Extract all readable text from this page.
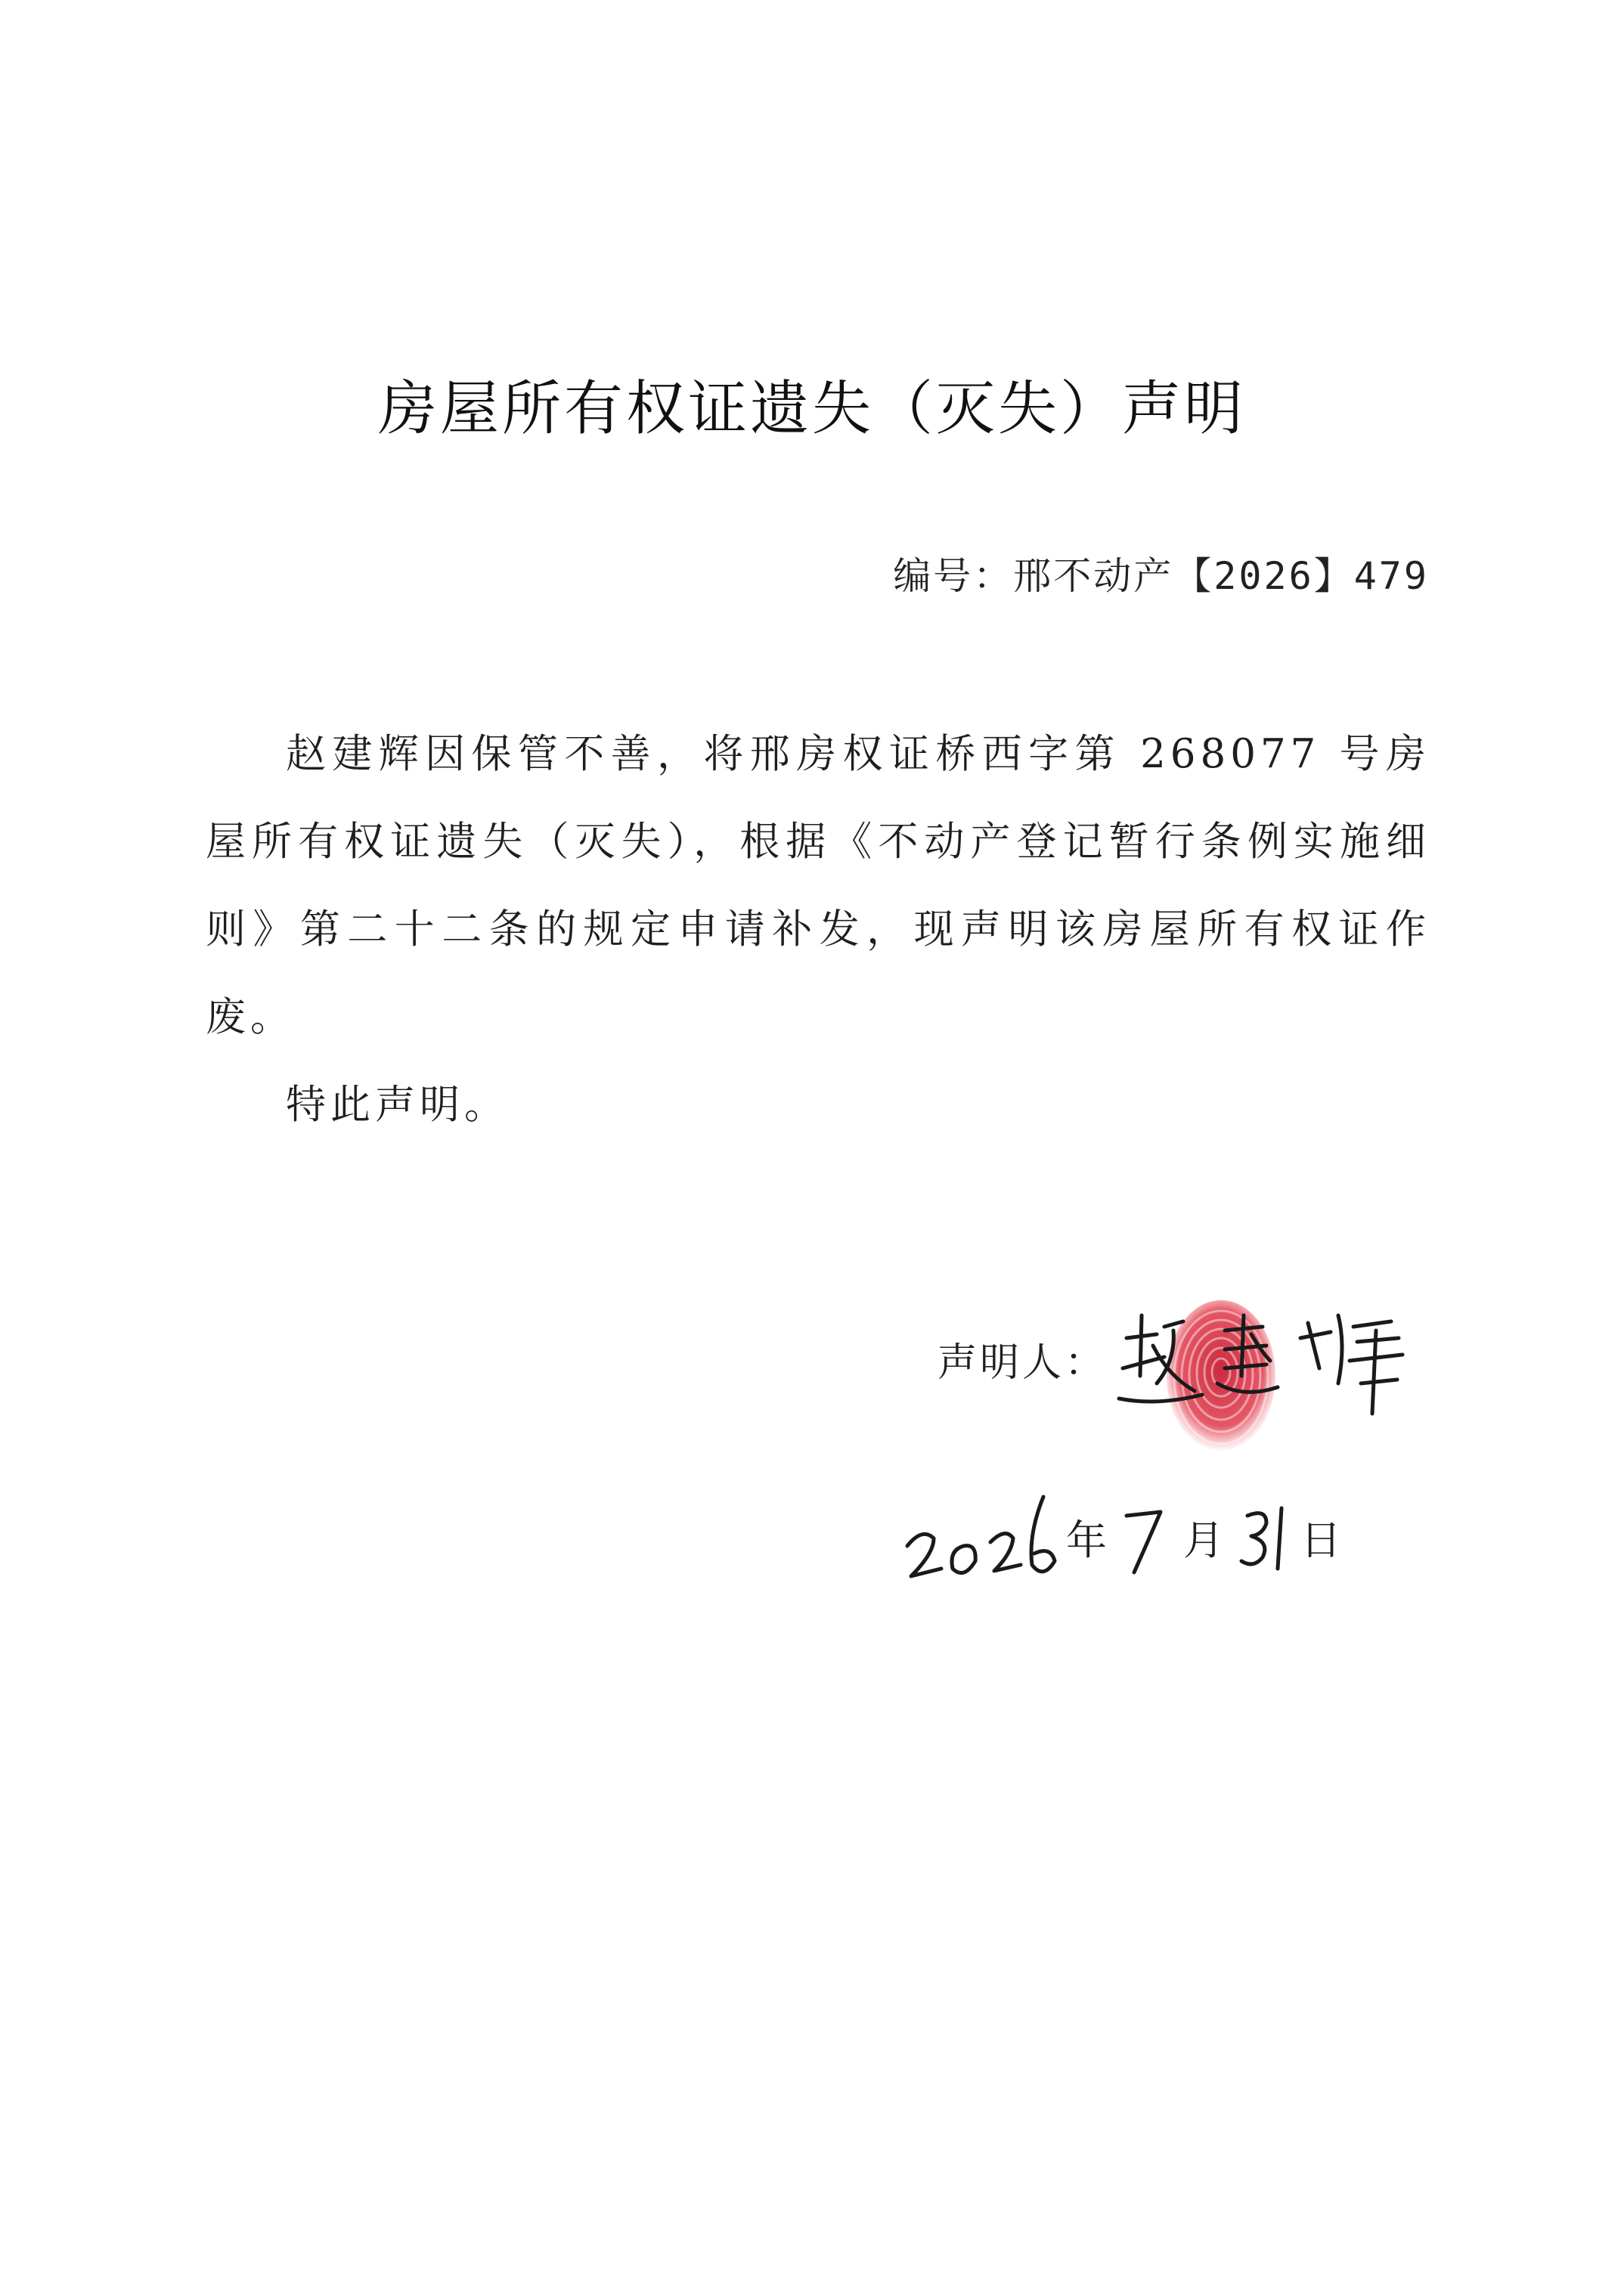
房屋所有权证遗失（灭失）声明
编号：邢不动产【2026】479

赵建辉因保管不善，将邢房权证桥西字第 268077 号房屋所有权证遗失（灭失），根据《不动产登记暂行条例实施细则》第二十二条的规定申请补发，现声明该房屋所有权证作废。

特此声明。

声明人：
年 月 日
